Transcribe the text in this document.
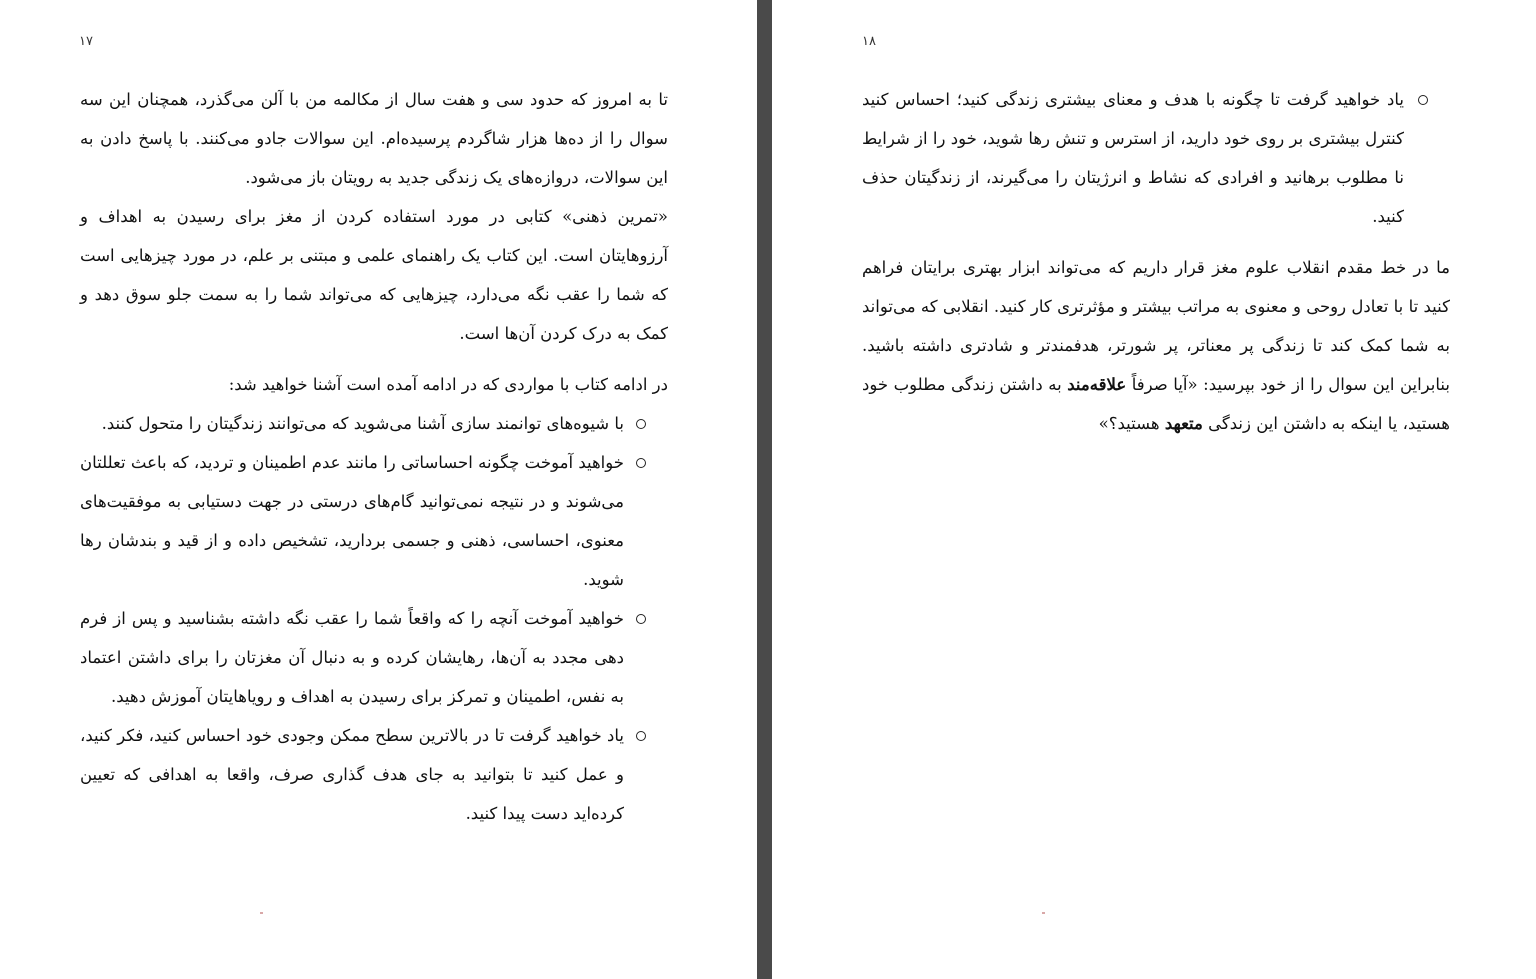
۱۷

تا به امروز که حدود سی و هفت سال از مکالمه من با آلن می‌گذرد، همچنان این سه سوال را از ده‌ها هزار شاگردم پرسیده‌ام. این سوالات جادو می‌کنند. با پاسخ دادن به این سوالات، دروازه‌های یک زندگی جدید به رویتان باز می‌شود.

«تمرین ذهنی» کتابی در مورد استفاده کردن از مغز برای رسیدن به اهداف و آرزوهایتان است. این کتاب یک راهنمای علمی و مبتنی بر علم، در مورد چیزهایی است که شما را عقب نگه می‌دارد، چیزهایی که می‌تواند شما را به سمت جلو سوق دهد و کمک به درک کردن آن‌ها است.

در ادامه کتاب با مواردی که در ادامه آمده است آشنا خواهید شد:

با شیوه‌های توانمند سازی آشنا می‌شوید که می‌توانند زندگیتان را متحول کنند.
خواهید آموخت چگونه احساساتی را مانند عدم اطمینان و تردید، که باعث تعللتان می‌شوند و در نتیجه نمی‌توانید گام‌های درستی در جهت دستیابی به موفقیت‌های معنوی، احساسی، ذهنی و جسمی بردارید، تشخیص داده و از قید و بندشان رها شوید.
خواهید آموخت آنچه را که واقعاً شما را عقب نگه داشته بشناسید و پس از فرم دهی مجدد به آن‌ها، رهایشان کرده و به دنبال آن مغزتان را برای داشتن اعتماد به نفس، اطمینان و تمرکز برای رسیدن به اهداف و رویاهایتان آموزش دهید.
یاد خواهید گرفت تا در بالاترین سطح ممکن وجودی خود احساس کنید، فکر کنید، و عمل کنید تا بتوانید به جای هدف گذاری صرف، واقعا به اهدافی که تعیین کرده‌اید دست پیدا کنید.
۱۸
یاد خواهید گرفت تا چگونه با هدف و معنای بیشتری زندگی کنید؛ احساس کنید کنترل بیشتری بر روی خود دارید، از استرس و تنش رها شوید، خود را از شرایط نا مطلوب برهانید و افرادی که نشاط و انرژیتان را می‌گیرند، از زندگیتان حذف کنید.

ما در خط مقدم انقلاب علوم مغز قرار داریم که می‌تواند ابزار بهتری برایتان فراهم کنید تا با تعادل روحی و معنوی به مراتب بیشتر و مؤثرتری کار کنید. انقلابی که می‌تواند به شما کمک کند تا زندگی پر معناتر، پر شورتر، هدفمندتر و شادتری داشته باشید. بنابراین این سوال را از خود بپرسید: «آیا صرفاً علاقه‌مند به داشتن زندگی مطلوب خود هستید، یا اینکه به داشتن این زندگی متعهد هستید؟»
